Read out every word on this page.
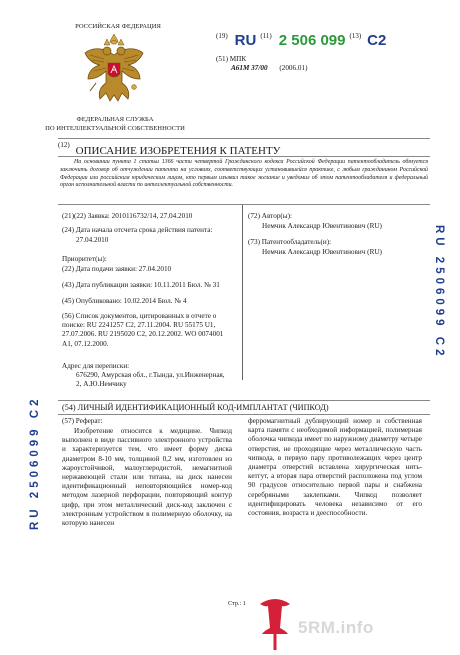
РОССИЙСКАЯ ФЕДЕРАЦИЯ
ФЕДЕРАЛЬНАЯ СЛУЖБА
ПО ИНТЕЛЛЕКТУАЛЬНОЙ СОБСТВЕННОСТИ
$^{(19)}$ RU $^{(11)}$ 2 506 099 $^{(13)}$ C2
(51) МПК
A61M 37/00 (2006.01)
$^{(12)}$ ОПИСАНИЕ ИЗОБРЕТЕНИЯ К ПАТЕНТУ
На основании пункта 1 статьи 1366 части четвертой Гражданского кодекса Российской Федерации патентообладатель обязуется заключить договор об отчуждении патента на условиях, соответствующих установившейся практике, с любым гражданином Российской Федерации или российским юридическим лицом, кто первым изъявил такое желание и уведомил об этом патентообладателя и федеральный орган исполнительной власти по интеллектуальной собственности.
(21)(22) Заявка: 2010116732/14, 27.04.2010
(24) Дата начала отсчета срока действия патента:
27.04.2010
Приоритет(ы):
(22) Дата подачи заявки: 27.04.2010
(43) Дата публикации заявки: 10.11.2011 Бюл. № 31
(45) Опубликовано: 10.02.2014 Бюл. № 4
(56) Список документов, цитированных в отчете о поиске: RU 2241257 C2, 27.11.2004. RU 55175 U1, 27.07.2006. RU 2195020 C2, 20.12.2002. WO 0074001 A1, 07.12.2000.
Адрес для переписки:
676290, Амурская обл., г.Тында, ул.Инженерная, 2, А.Ю.Немчику
(72) Автор(ы):
Немчик Александр Ювентинович (RU)
(73) Патентообладатель(и):
Немчик Александр Ювентинович (RU)
(54) ЛИЧНЫЙ ИДЕНТИФИКАЦИОННЫЙ КОД-ИМПЛАНТАТ (ЧИПКОД)
(57) Реферат:
Изобретение относится к медицине. Чипкод выполнен в виде пассивного электронного устройства и характеризуется тем, что имеет форму диска диаметром 8-10 мм, толщиной 0,2 мм, изготовлен из жароустойчивой, малоуглеродистой, немагнитной нержавеющей стали или титана, на диск нанесен идентификационный неповторяющийся номер-код методом лазерной перфорации, повторяющий контур цифр, при этом металлический диск-код заключен с электронным устройством в полимерную оболочку, на которую нанесен
ферромагнитный дублирующий номер и собственная карта памяти с необходимой информацией, полимерная оболочка чипкода имеет по наружному диаметру четыре отверстия, не проходящие через металлическую часть чипкода, в первую пару противолежащих через центр диаметра отверстий вставлена хирургическая нить-кетгут, а вторая пара отверстий расположена под углом 90 градусов относительно первой пары и снабжена серебряными заклепками. Чипкод позволяет идентифицировать человека независимо от его состояния, возраста и дееспособности.
RU 2506099 C2
RU 2506099 C2
Стр.: 1
5RM.info
